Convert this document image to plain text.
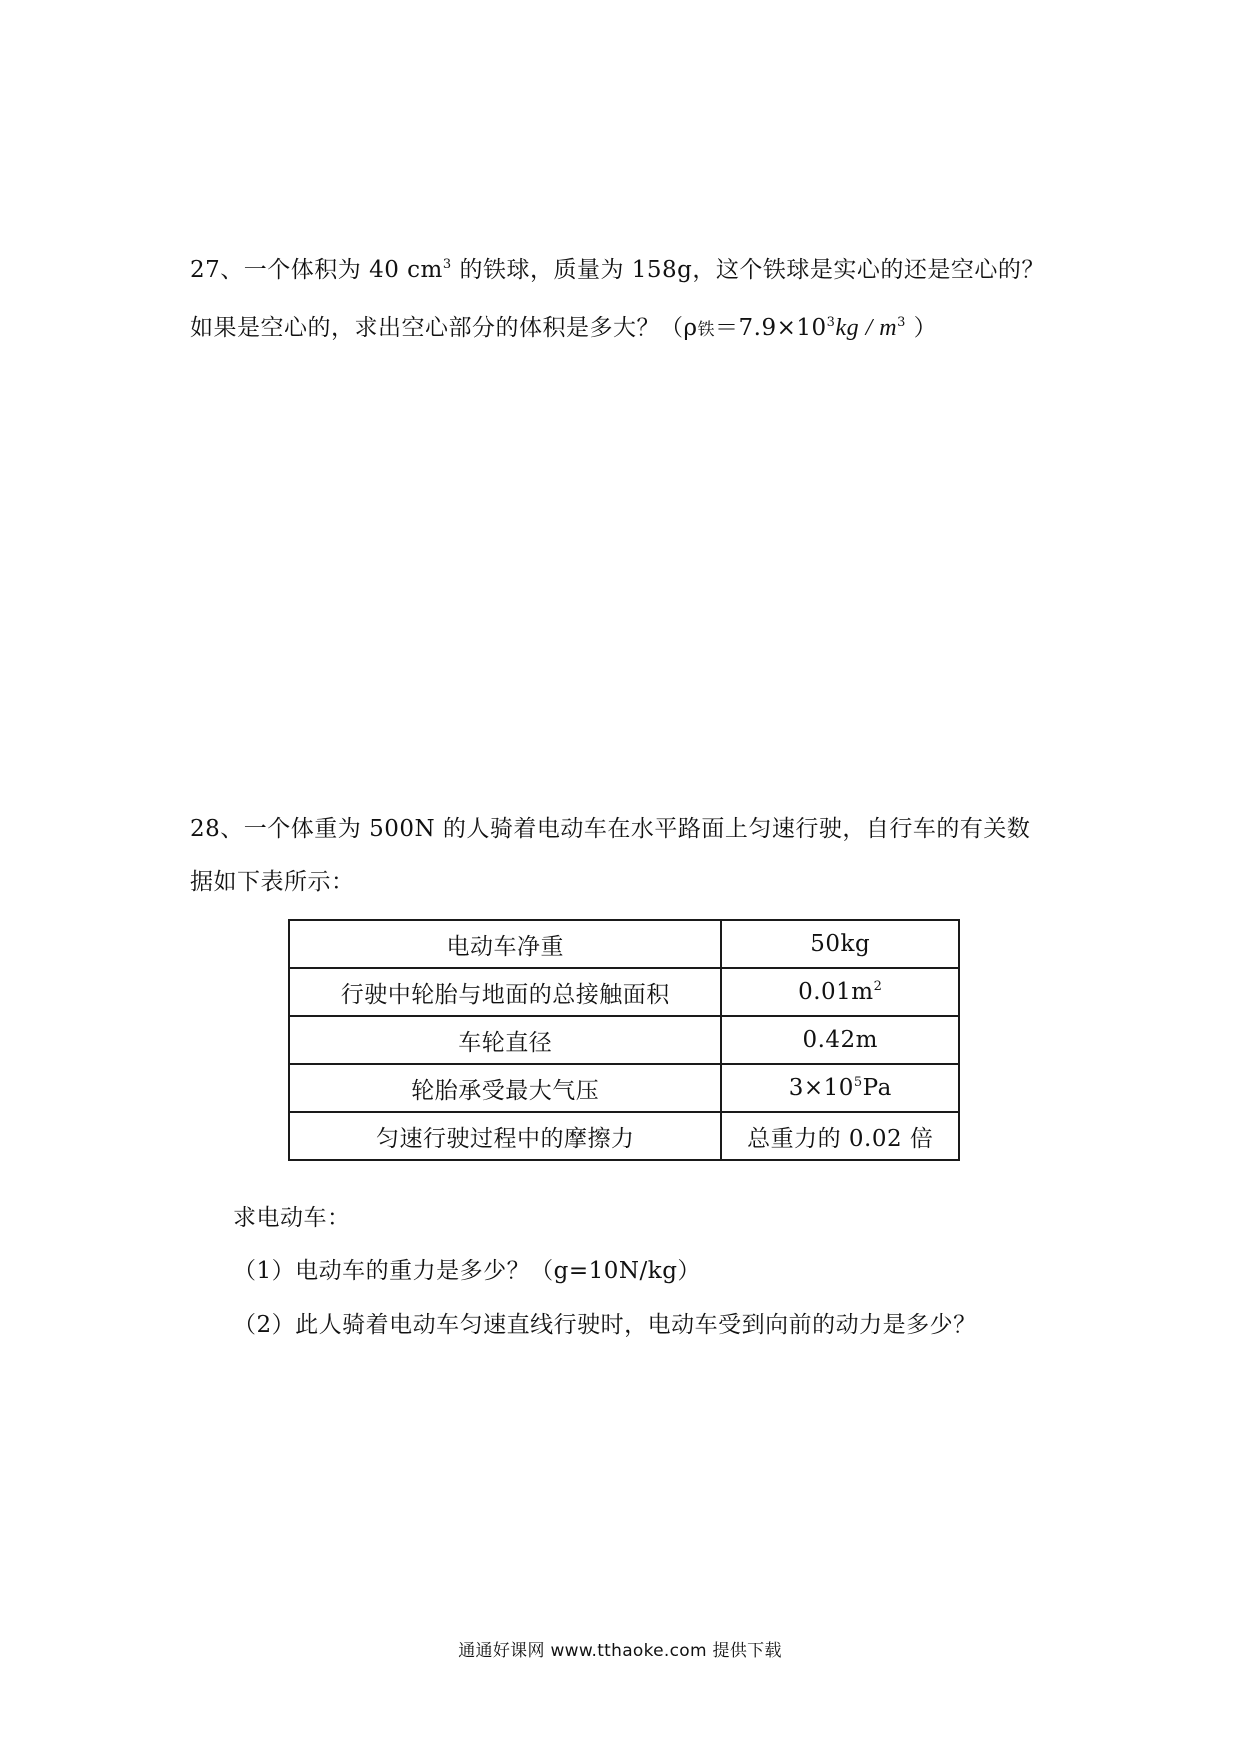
27、一个体积为 40 $cm^3$ 的铁球，质量为 158g，这个铁球是实心的还是空心的？
如果是空心的，求出空心部分的体积是多大？（ρ铁$=7.9\times 10^3kg / m^3$ ）
28、一个体重为 500N 的人骑着电动车在水平路面上匀速行驶，自行车的有关数
据如下表所示：
电动车净重	50kg
行驶中轮胎与地面的总接触面积	$0.01m^2$
车轮直径	0.42m
轮胎承受最大气压	$3\times 10^5Pa$
匀速行驶过程中的摩擦力	总重力的 0.02 倍
求电动车：
（1）电动车的重力是多少？（g=10N/kg）
（2）此人骑着电动车匀速直线行驶时，电动车受到向前的动力是多少？
通通好课网 www.tthaoke.com 提供下载
